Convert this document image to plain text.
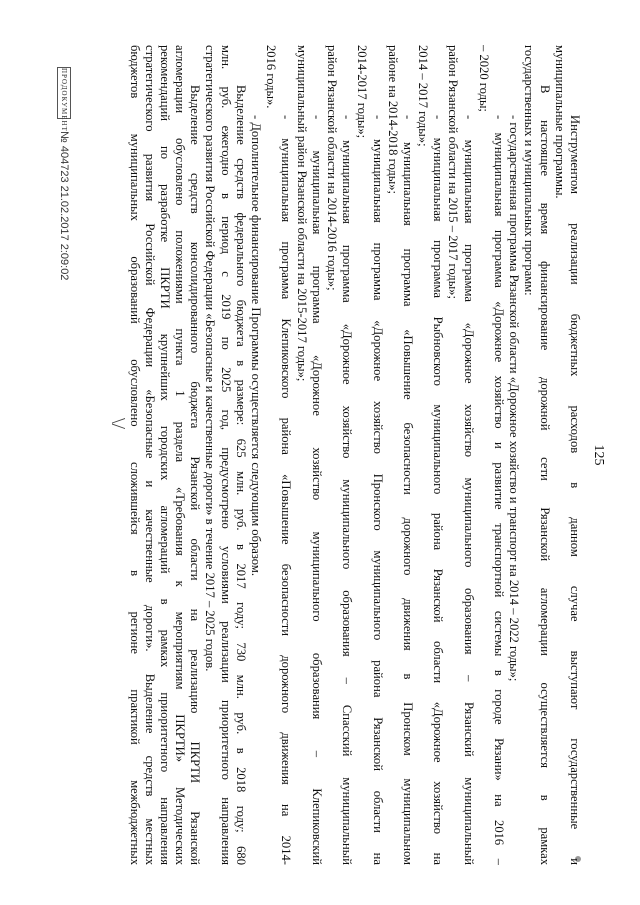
125
Инструментом реализации бюджетных расходов в данном случае выступают государственные и
муниципальные программы.
В настоящее время финансирование дорожной сети Рязанской агломерации осуществляется в рамках
государственных и муниципальных программ:
- государственная программа Рязанской области «Дорожное хозяйство и транспорт на 2014 – 2022 годы»;
- муниципальная программа «Дорожное хозяйство и развитие транспортной системы в городе Рязани» на 2016 –
– 2020 годы;
- муниципальная программа «Дорожное хозяйство муниципального образования – Рязанский муниципальный
район Рязанской области на 2015 – 2017 годы»;
- муниципальная программа Рыбновского муниципального района Рязанской области «Дорожное хозяйство на
2014 – 2017 годы»;
- муниципальная программа «Повышение безопасности дорожного движения в Пронском муниципальном
районе на 2014-2018 годы»;
- муниципальная программа «Дорожное хозяйство Пронского муниципального района Рязанской области на
2014-2017 годы»;
- муниципальная программа «Дорожное хозяйство муниципального образования – Спасский муниципальный
район Рязанской области на 2014-2016 годы»;
- муниципальная программа «Дорожное хозяйство муниципального образования – Клепиковский
муниципальный район Рязанской области на 2015-2017 годы»;
- муниципальная программа Клепиковского района «Повышение безопасности дорожного движения на 2014-
2016 годы».
- Дополнительное финансирование Программы осуществляется следующим образом.
Выделение средств федерального бюджета в размере: 625 млн. руб. в 2017 году; 730 млн. руб. в 2018 году; 680
млн. руб. ежегодно в период с 2019 по 2025 год, предусмотрено условиями реализации приоритетного направления
стратегического развития Российской Федерации «Безопасные и качественные дороги» в течение 2017 – 2025 годов.
Выделение средств консолидированного бюджета Рязанской области на реализацию ПКРТИ Рязанской
агломерации обусловлено положениями пункта 1 раздела «Требования к мероприятиям ПКРТИ» Методических
рекомендаций по разработке ПКРТИ крупнейших городских агломераций в рамках приоритетного направления
стратегического развития Российской Федерации «Безопасные и качественные дороги». Выделение средств местных
бюджетов муниципальных образований обусловлено сложившейся в регионе практикой межбюджетных
ПРОДОКУМЕНТ № 404723 21.02.2017 2:09:02
\/
